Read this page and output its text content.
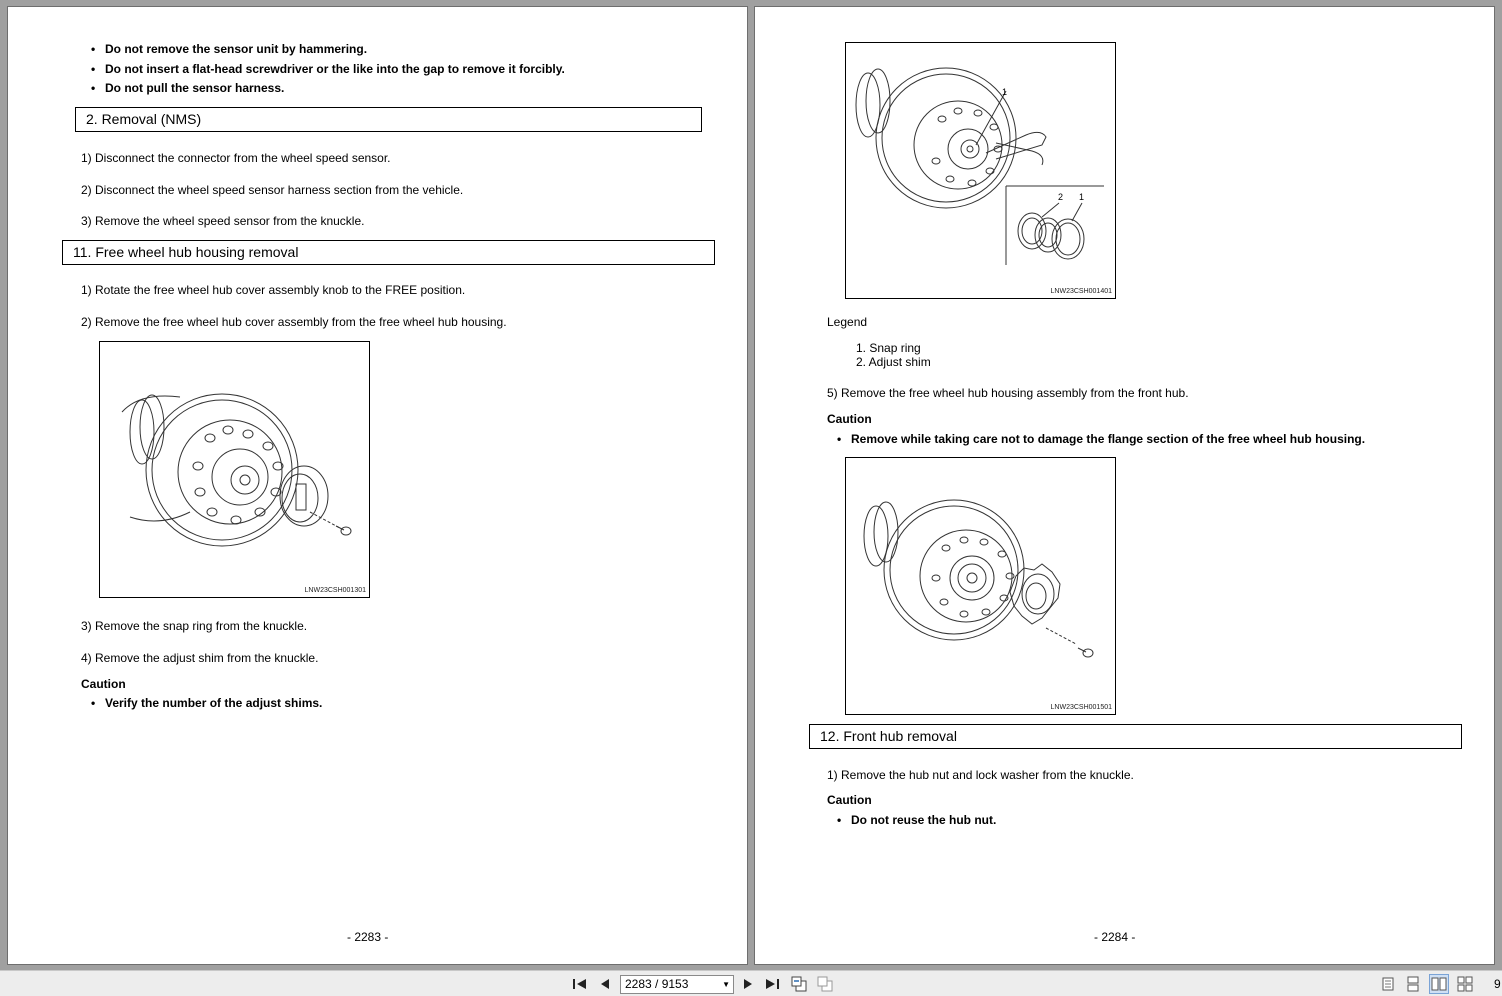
• Do not remove the sensor unit by hammering.
• Do not insert a flat-head screwdriver or the like into the gap to remove it forcibly.
• Do not pull the sensor harness.
2. Removal (NMS)
1) Disconnect the connector from the wheel speed sensor.
2) Disconnect the wheel speed sensor harness section from the vehicle.
3) Remove the wheel speed sensor from the knuckle.
11. Free wheel hub housing removal
1) Rotate the free wheel hub cover assembly knob to the FREE position.
2) Remove the free wheel hub cover assembly from the free wheel hub housing.
LNW23CSH001301
3) Remove the snap ring from the knuckle.
4) Remove the adjust shim from the knuckle.
Caution
• Verify the number of the adjust shims.
- 2283 -
1
2 1
LNW23CSH001401
Legend
1. Snap ring
2. Adjust shim
5) Remove the free wheel hub housing assembly from the front hub.
Caution
• Remove while taking care not to damage the flange section of the free wheel hub housing.
LNW23CSH001501
12. Front hub removal
1) Remove the hub nut and lock washer from the knuckle.
Caution
• Do not reuse the hub nut.
- 2284 -
2283 / 9153	▼	9
